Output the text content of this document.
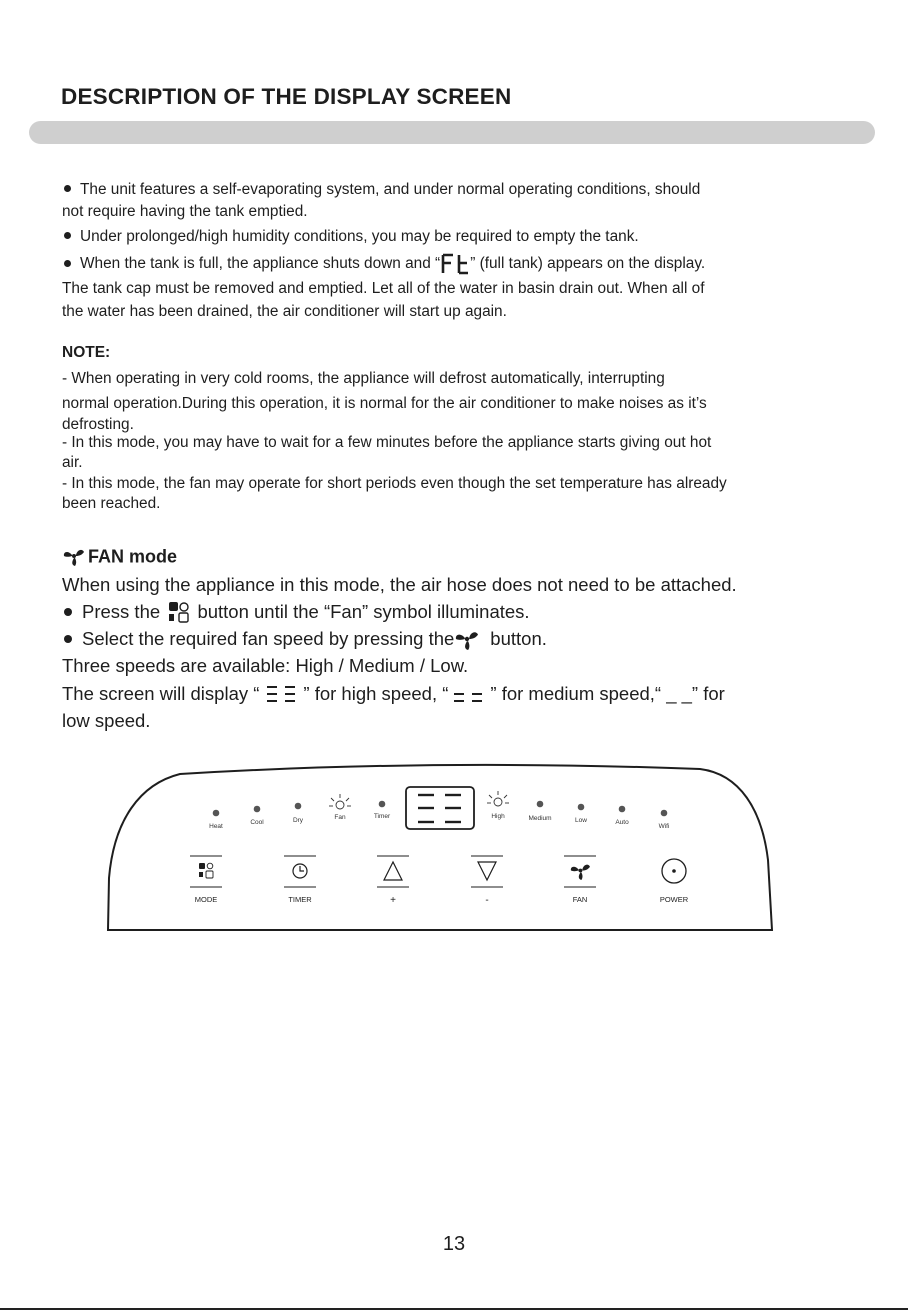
DESCRIPTION OF THE DISPLAY SCREEN
The unit features a self-evaporating system, and under normal operating conditions, should
not require having the tank emptied.
Under prolonged/high humidity conditions, you may be required to empty the tank.
When the tank is full, the appliance shuts down and “ ” (full tank) appears on the display.
The tank cap must be removed and emptied. Let all of the water in basin drain out. When all of
the water has been drained, the air conditioner will start up again.
NOTE:
- When operating in very cold rooms, the appliance will defrost automatically, interrupting
normal operation.During this operation, it is normal for the air conditioner to make noises as it’s
defrosting.
- In this mode, you may have to wait for a few minutes before the appliance starts giving out hot
air.
- In this mode, the fan may operate for short periods even though the set temperature has already
been reached.
FAN mode
When using the appliance in this mode, the air hose does not need to be attached.
Press the button until the “Fan” symbol illuminates.
Select the required fan speed by pressing the button.
Three speeds are available: High / Medium / Low.
The screen will display “ ” for high speed, “ ” for medium speed,“ _ _” for
low speed.
Heat
Cool	Dry	Fan	Timer	High	Medium	Low	Auto
Wifi
MODE	TIMER	+	-	FAN	POWER
13
